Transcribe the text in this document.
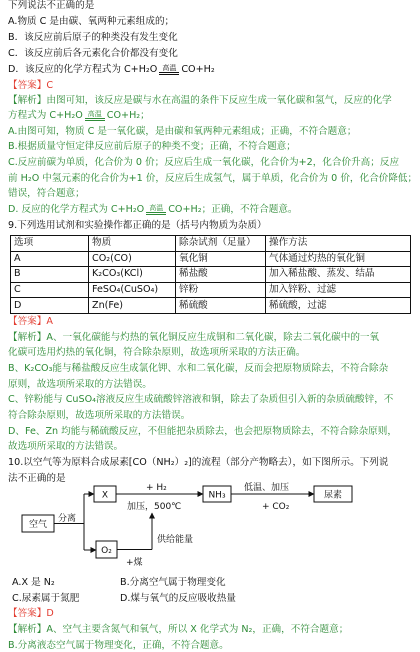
下列说法不正确的是
A.物质 C 是由碳、氧两种元素组成的；
B．该反应前后原子的种类没有发生变化
C．该反应前后各元素化合价都没有变化
D．该反应的化学方程式为 C+H₂O 高温 CO+H₂
【答案】C
【解析】由图可知，该反应是碳与水在高温的条件下反应生成一氧化碳和氢气，反应的化学
方程式为 C+H₂O 高温 CO+H₂；
A.由图可知，物质 C 是一氧化碳，是由碳和氧两种元素组成；正确，不符合题意；
B.根据质量守恒定律反应前后原子的种类不变；正确，不符合题意；
C.反应前碳为单质，化合价为 0 价；反应后生成一氧化碳，化合价为+2，化合价升高；反应
前 H₂O 中氢元素的化合价为+1 价，反应后生成氢气，属于单质，化合价为 0 价，化合价降低；
错误，符合题意；
D. 反应的化学方程式为 C+H₂O 高温 CO+H₂；正确，不符合题意。
9.下列选用试剂和实验操作都正确的是（括号内物质为杂质）
选项	物质	除杂试剂（足量）	操作方法
A	CO₂(CO)	氧化铜	气体通过灼热的氧化铜
B	K₂CO₃(KCl)	稀盐酸	加入稀盐酸、蒸发、结晶
C	FeSO₄(CuSO₄)	锌粉	加入锌粉、过滤
D	Zn(Fe)	稀硫酸	稀硫酸，过滤
【答案】A
【解析】A、一氧化碳能与灼热的氧化铜反应生成铜和二氧化碳，除去二氧化碳中的一氧
化碳可选用灼热的氧化铜，符合除杂原则，故选项所采取的方法正确。
B、K₂CO₃能与稀盐酸反应生成氯化钾、水和二氧化碳，反而会把原物质除去，不符合除杂
原则，故选项所采取的方法错误。
C、锌粉能与 CuSO₄溶液反应生成硫酸锌溶液和铜，除去了杂质但引入新的杂质硫酸锌，不
符合除杂原则，故选项所采取的方法错误。
D、Fe、Zn 均能与稀硫酸反应，不但能把杂质除去，也会把原物质除去，不符合除杂原则，
故选项所采取的方法错误。
10.以空气等为原料合成尿素[CO（NH₂）₂]的流程（部分产物略去），如下图所示。下列说
法不正确的是
空气
分离
X
+ H₂
加压，500℃
NH₃
低温、加压
+ CO₂
尿素
O₂
供给能量
+煤
A.X 是 N₂	B.分离空气属于物理变化
C.尿素属于氮肥	D.煤与氧气的反应吸收热量
【答案】D
【解析】A、空气主要含氮气和氧气，所以 X 化学式为 N₂，正确，不符合题意；
B.分离液态空气属于物理变化，正确，不符合题意。
